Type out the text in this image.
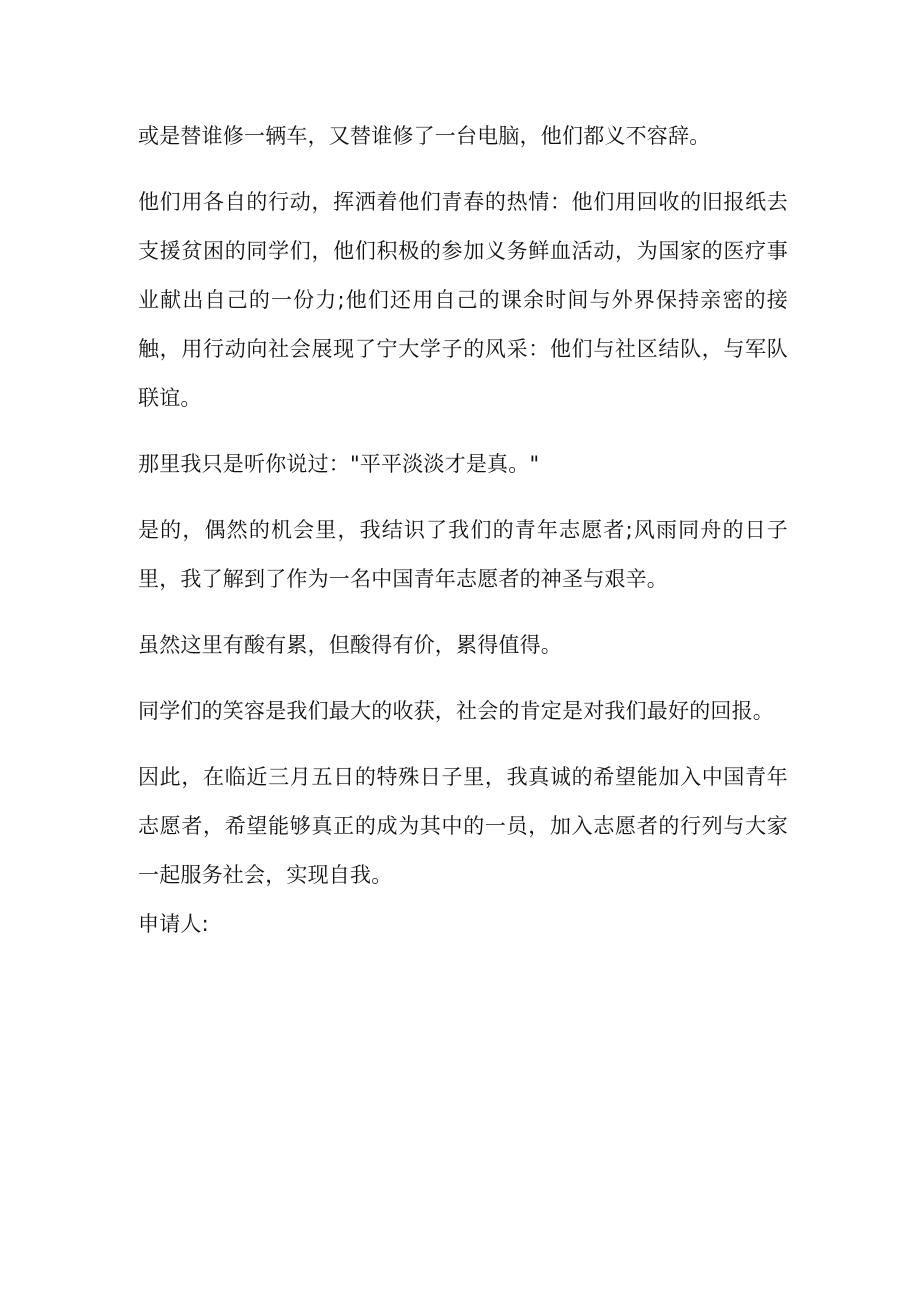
或是替谁修一辆车，又替谁修了一台电脑，他们都义不容辞。

他们用各自的行动，挥洒着他们青春的热情：他们用回收的旧报纸去支援贫困的同学们，他们积极的参加义务鲜血活动，为国家的医疗事业献出自己的一份力;他们还用自己的课余时间与外界保持亲密的接触，用行动向社会展现了宁大学子的风采：他们与社区结队，与军队联谊。

那里我只是听你说过："平平淡淡才是真。"

是的，偶然的机会里，我结识了我们的青年志愿者;风雨同舟的日子里，我了解到了作为一名中国青年志愿者的神圣与艰辛。

虽然这里有酸有累，但酸得有价，累得值得。

同学们的笑容是我们最大的收获，社会的肯定是对我们最好的回报。

因此，在临近三月五日的特殊日子里，我真诚的希望能加入中国青年志愿者，希望能够真正的成为其中的一员，加入志愿者的行列与大家一起服务社会，实现自我。

申请人:
